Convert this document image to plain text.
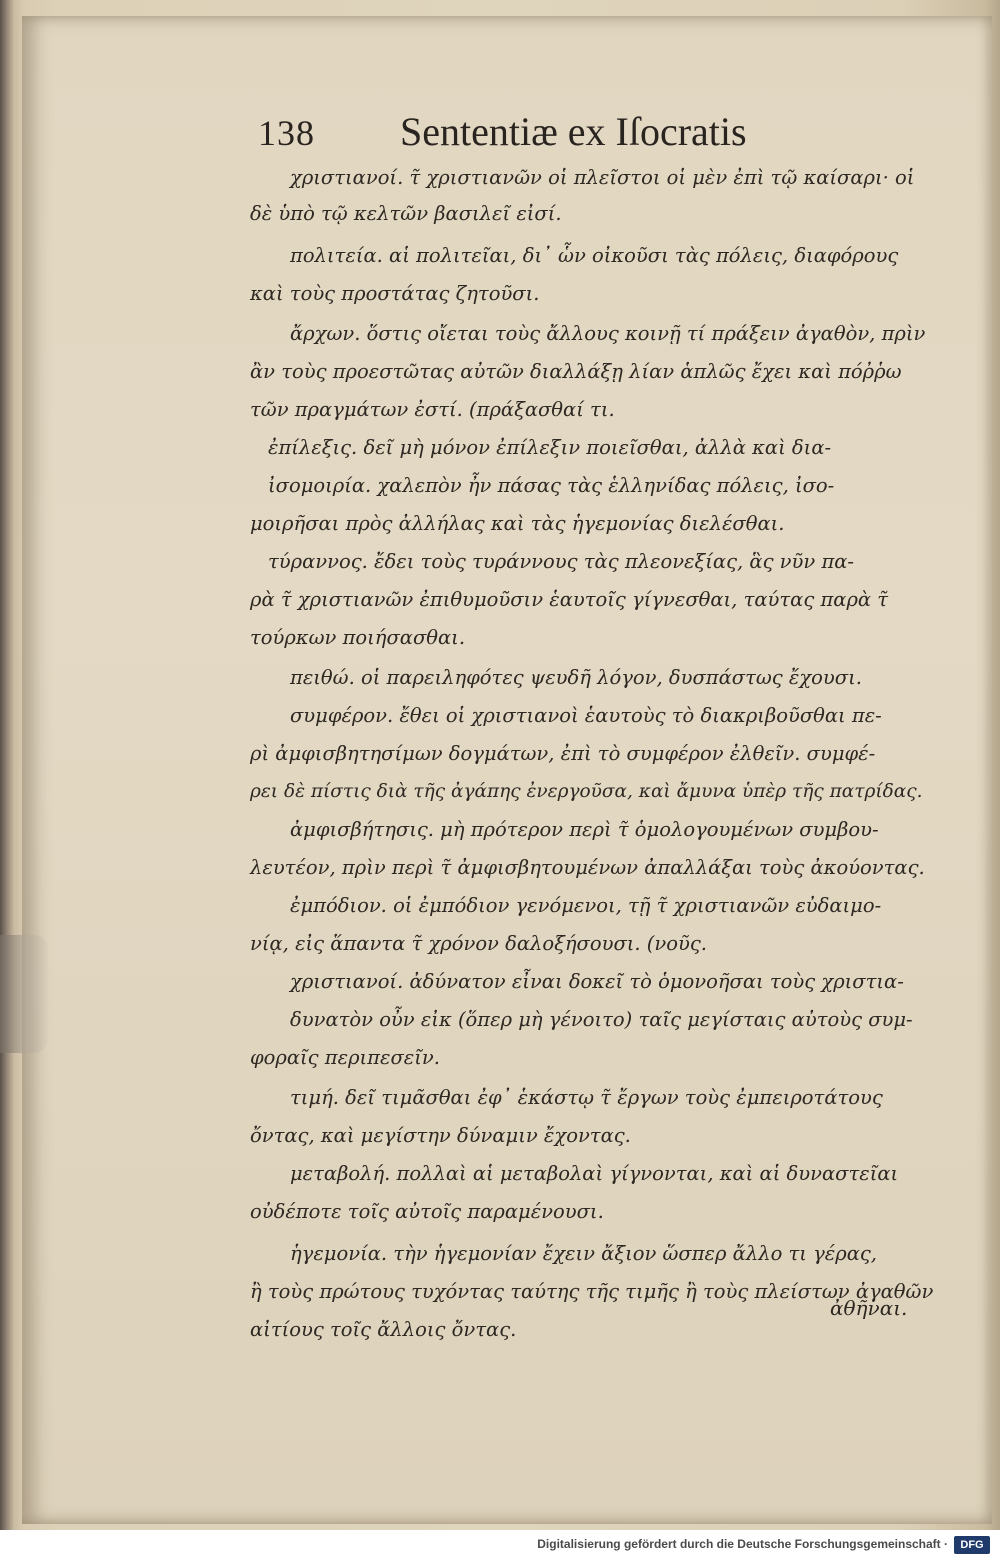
138 Sententiæ ex Iſocratis
χριστιανοί. τ̃ χριστιανῶν οἱ πλεῖστοι οἱ μὲν ἐπὶ τῷ καίσαρι· οἱ
δὲ ὑπὸ τῷ κελτῶν βασιλεῖ εἰσί.
πολιτεία. αἱ πολιτεῖαι, δι᾽ ὧν οἰκοῦσι τὰς πόλεις, διαφόρους
καὶ τοὺς προστάτας ζητοῦσι.
ἄρχων. ὅστις οἴεται τοὺς ἄλλους κοινῇ τί πράξειν ἀγαθὸν, πρὶν
ἂν τοὺς προεστῶτας αὐτῶν διαλλάξῃ λίαν ἁπλῶς ἔχει καὶ πόῤῥω
τῶν πραγμάτων ἐστί. (πράξασθαί τι.
ἐπίλεξις. δεῖ μὴ μόνον ἐπίλεξιν ποιεῖσθαι, ἀλλὰ καὶ δια-
ἰσομοιρία. χαλεπὸν ἦν πάσας τὰς ἑλληνίδας πόλεις, ἰσο-
μοιρῆσαι πρὸς ἀλλήλας καὶ τὰς ἡγεμονίας διελέσθαι.
τύραννος. ἔδει τοὺς τυράννους τὰς πλεονεξίας, ἃς νῦν πα-
ρὰ τ̃ χριστιανῶν ἐπιθυμοῦσιν ἑαυτοῖς γίγνεσθαι, ταύτας παρὰ τ̃
τούρκων ποιήσασθαι.
πειθώ. οἱ παρειληφότες ψευδῆ λόγον, δυσπάστως ἔχουσι.
συμφέρον. ἔθει οἱ χριστιανοὶ ἑαυτοὺς τὸ διακριβοῦσθαι πε-
ρὶ ἀμφισβητησίμων δογμάτων, ἐπὶ τὸ συμφέρον ἐλθεῖν. συμφέ-
ρει δὲ πίστις διὰ τῆς ἀγάπης ἐνεργοῦσα, καὶ ἄμυνα ὑπὲρ τῆς πατρίδας.
ἀμφισβήτησις. μὴ πρότερον περὶ τ̃ ὁμολογουμένων συμβου-
λευτέον, πρὶν περὶ τ̃ ἀμφισβητουμένων ἀπαλλάξαι τοὺς ἀκούοντας.
ἐμπόδιον. οἱ ἐμπόδιον γενόμενοι, τῇ τ̃ χριστιανῶν εὐδαιμο-
νίᾳ, εἰς ἅπαντα τ̃ χρόνον δαλοξήσουσι. (νοῦς.
χριστιανοί. ἀδύνατον εἶναι δοκεῖ τὸ ὁμονοῆσαι τοὺς χριστια-
δυνατὸν οὖν εἰκ (ὅπερ μὴ γένοιτο) ταῖς μεγίσταις αὐτοὺς συμ-
φοραῖς περιπεσεῖν.
τιμή. δεῖ τιμᾶσθαι ἐφ᾽ ἑκάστῳ τ̃ ἔργων τοὺς ἐμπειροτάτους
ὄντας, καὶ μεγίστην δύναμιν ἔχοντας.
μεταβολή. πολλαὶ αἱ μεταβολαὶ γίγνονται, καὶ αἱ δυναστεῖαι
οὐδέποτε τοῖς αὐτοῖς παραμένουσι.
ἡγεμονία. τὴν ἡγεμονίαν ἔχειν ἄξιον ὥσπερ ἄλλο τι γέρας,
ἢ τοὺς πρώτους τυχόντας ταύτης τῆς τιμῆς ἢ τοὺς πλείστων ἀγαθῶν
αἰτίους τοῖς ἄλλοις ὄντας.
ἀθῆναι.
Digitalisierung gefördert durch die Deutsche Forschungsgemeinschaft ·	DFG
